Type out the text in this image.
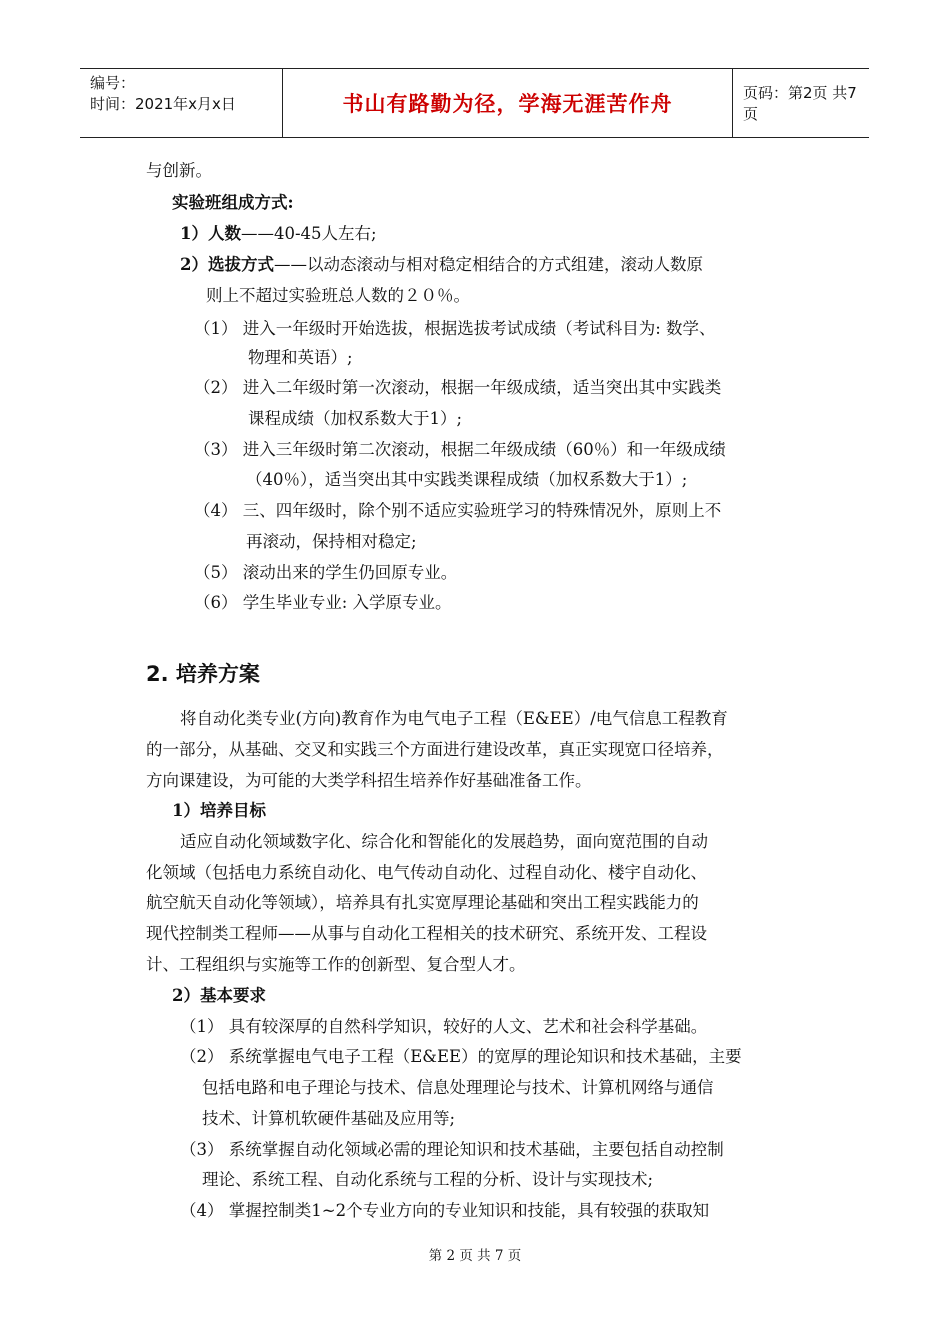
编号：
时间：2021年x月x日	书山有路勤为径，学海无涯苦作舟	页码：第2页 共7页
与创新。
实验班组成方式:
1）人数——40-45人左右;
2）选拔方式——以动态滚动与相对稳定相结合的方式组建，滚动人数原
则上不超过实验班总人数的２０％。
（1） 进入一年级时开始选拔，根据选拔考试成绩（考试科目为: 数学、
物理和英语）;
（2） 进入二年级时第一次滚动，根据一年级成绩，适当突出其中实践类
课程成绩（加权系数大于1）;
（3） 进入三年级时第二次滚动，根据二年级成绩（60％）和一年级成绩
（40％），适当突出其中实践类课程成绩（加权系数大于1）;
（4） 三、四年级时，除个别不适应实验班学习的特殊情况外，原则上不
再滚动，保持相对稳定;
（5） 滚动出来的学生仍回原专业。
（6） 学生毕业专业: 入学原专业。
2. 培养方案
将自动化类专业(方向)教育作为电气电子工程（E&EE）/电气信息工程教育
的一部分，从基础、交叉和实践三个方面进行建设改革，真正实现宽口径培养，
方向课建设，为可能的大类学科招生培养作好基础准备工作。
1）培养目标
适应自动化领域数字化、综合化和智能化的发展趋势，面向宽范围的自动
化领域（包括电力系统自动化、电气传动自动化、过程自动化、楼宇自动化、
航空航天自动化等领域），培养具有扎实宽厚理论基础和突出工程实践能力的
现代控制类工程师——从事与自动化工程相关的技术研究、系统开发、工程设
计、工程组织与实施等工作的创新型、复合型人才。
2）基本要求
（1） 具有较深厚的自然科学知识，较好的人文、艺术和社会科学基础。
（2） 系统掌握电气电子工程（E&EE）的宽厚的理论知识和技术基础，主要
包括电路和电子理论与技术、信息处理理论与技术、计算机网络与通信
技术、计算机软硬件基础及应用等;
（3） 系统掌握自动化领域必需的理论知识和技术基础，主要包括自动控制
理论、系统工程、自动化系统与工程的分析、设计与实现技术;
（4） 掌握控制类1~2个专业方向的专业知识和技能，具有较强的获取知
第 2 页 共 7 页
